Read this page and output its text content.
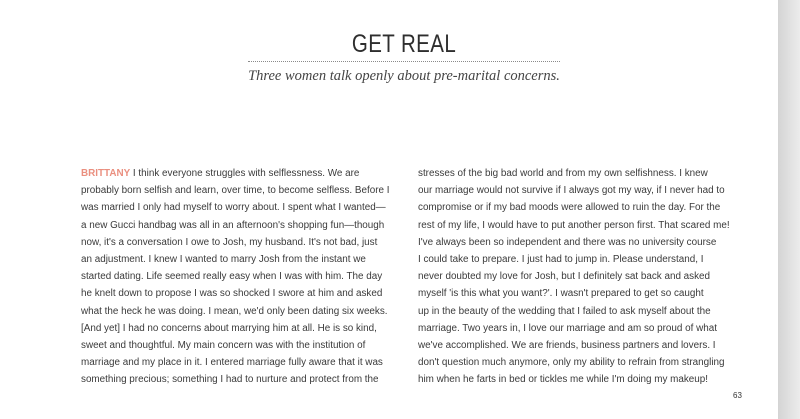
GET REAL

Three women talk openly about pre-marital concerns.

BRITTANY I think everyone struggles with selflessness. We are
probably born selfish and learn, over time, to become selfless. Before I
was married I only had myself to worry about. I spent what I wanted—
a new Gucci handbag was all in an afternoon's shopping fun—though
now, it's a conversation I owe to Josh, my husband. It's not bad, just
an adjustment. I knew I wanted to marry Josh from the instant we
started dating. Life seemed really easy when I was with him. The day
he knelt down to propose I was so shocked I swore at him and asked
what the heck he was doing. I mean, we'd only been dating six weeks.
[And yet] I had no concerns about marrying him at all. He is so kind,
sweet and thoughtful. My main concern was with the institution of
marriage and my place in it. I entered marriage fully aware that it was
something precious; something I had to nurture and protect from the
stresses of the big bad world and from my own selfishness. I knew
our marriage would not survive if I always got my way, if I never had to
compromise or if my bad moods were allowed to ruin the day. For the
rest of my life, I would have to put another person first. That scared me!
I've always been so independent and there was no university course
I could take to prepare. I just had to jump in. Please understand, I
never doubted my love for Josh, but I definitely sat back and asked
myself 'is this what you want?'. I wasn't prepared to get so caught
up in the beauty of the wedding that I failed to ask myself about the
marriage. Two years in, I love our marriage and am so proud of what
we've accomplished. We are friends, business partners and lovers. I
don't question much anymore, only my ability to refrain from strangling
him when he farts in bed or tickles me while I'm doing my makeup!
63
